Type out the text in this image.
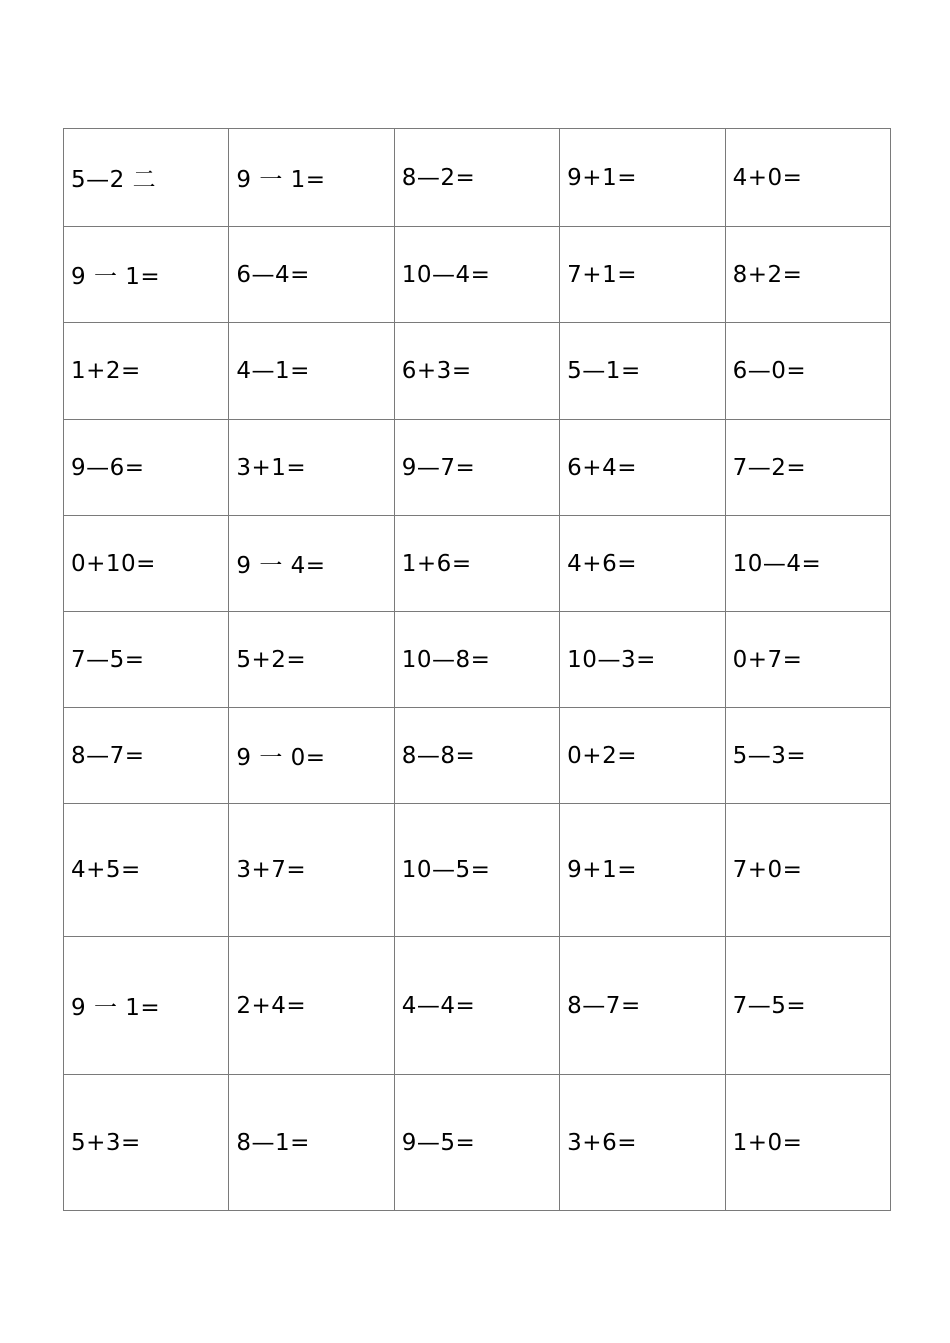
5—2 二	9 一 1=	8—2=	9+1=	4+0=
9 一 1=	6—4=	10—4=	7+1=	8+2=
1+2=	4—1=	6+3=	5—1=	6—0=
9—6=	3+1=	9—7=	6+4=	7—2=
0+10=	9 一 4=	1+6=	4+6=	10—4=
7—5=	5+2=	10—8=	10—3=	0+7=
8—7=	9 一 0=	8—8=	0+2=	5—3=
4+5=	3+7=	10—5=	9+1=	7+0=
9 一 1=	2+4=	4—4=	8—7=	7—5=
5+3=	8—1=	9—5=	3+6=	1+0=
